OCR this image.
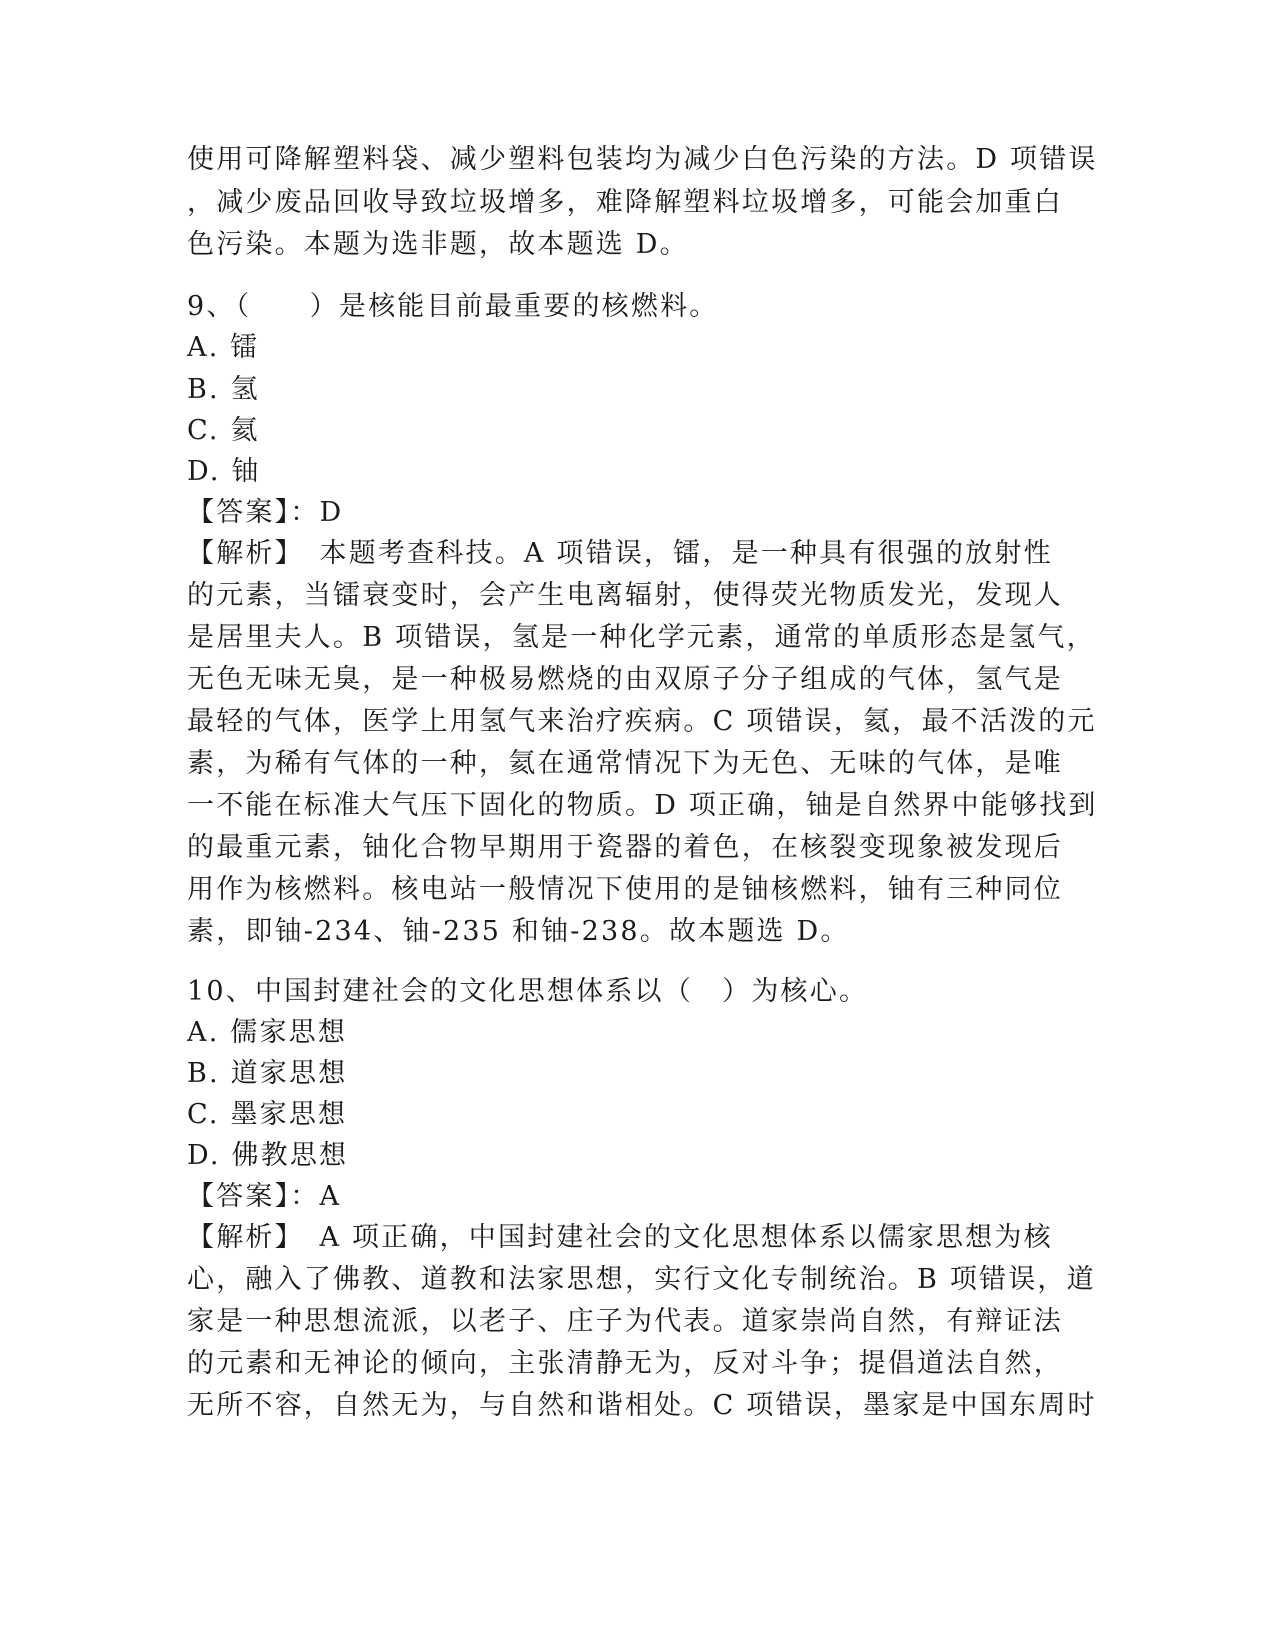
使用可降解塑料袋、减少塑料包装均为减少白色污染的方法。D 项错误
，减少废品回收导致垃圾增多，难降解塑料垃圾增多，可能会加重白
色污染。本题为选非题，故本题选 D。
9、（　　）是核能目前最重要的核燃料。
A. 镭
B. 氢
C. 氦
D. 铀
【答案】：D
【解析】　本题考查科技。A 项错误，镭，是一种具有很强的放射性
的元素，当镭衰变时，会产生电离辐射，使得荧光物质发光，发现人
是居里夫人。B 项错误，氢是一种化学元素，通常的单质形态是氢气，
无色无味无臭，是一种极易燃烧的由双原子分子组成的气体，氢气是
最轻的气体，医学上用氢气来治疗疾病。C 项错误，氦，最不活泼的元
素，为稀有气体的一种，氦在通常情况下为无色、无味的气体，是唯
一不能在标准大气压下固化的物质。D 项正确，铀是自然界中能够找到
的最重元素，铀化合物早期用于瓷器的着色，在核裂变现象被发现后
用作为核燃料。核电站一般情况下使用的是铀核燃料，铀有三种同位
素，即铀-234、铀-235 和铀-238。故本题选 D。
10、中国封建社会的文化思想体系以（　）为核心。
A. 儒家思想
B. 道家思想
C. 墨家思想
D. 佛教思想
【答案】：A
【解析】　A 项正确，中国封建社会的文化思想体系以儒家思想为核
心，融入了佛教、道教和法家思想，实行文化专制统治。B 项错误，道
家是一种思想流派，以老子、庄子为代表。道家崇尚自然，有辩证法
的元素和无神论的倾向，主张清静无为，反对斗争；提倡道法自然，
无所不容，自然无为，与自然和谐相处。C 项错误，墨家是中国东周时
